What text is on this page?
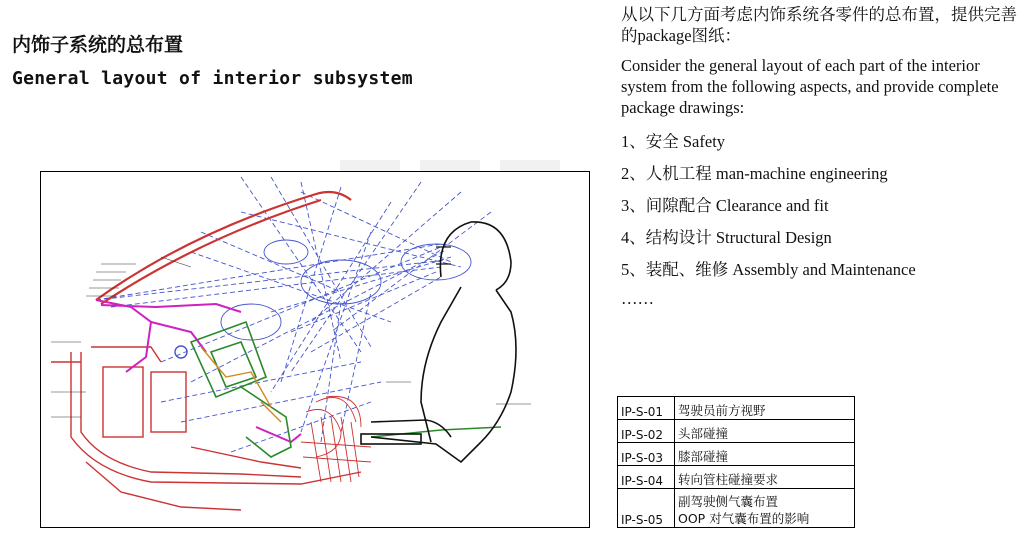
内饰子系统的总布置
General layout of interior subsystem

从以下几方面考虑内饰系统各零件的总布置，提供完善的package图纸：

Consider the general layout of each part of the interior system from the following aspects, and provide complete package drawings:

1、安全 Safety
2、人机工程 man-machine engineering
3、间隙配合 Clearance and fit
4、结构设计 Structural Design
5、装配、维修 Assembly and Maintenance

……

IP-S-01	驾驶员前方视野
IP-S-02	头部碰撞
IP-S-03	膝部碰撞
IP-S-04	转向管柱碰撞要求
IP-S-05	副驾驶侧气囊布置
OOP 对气囊布置的影响
